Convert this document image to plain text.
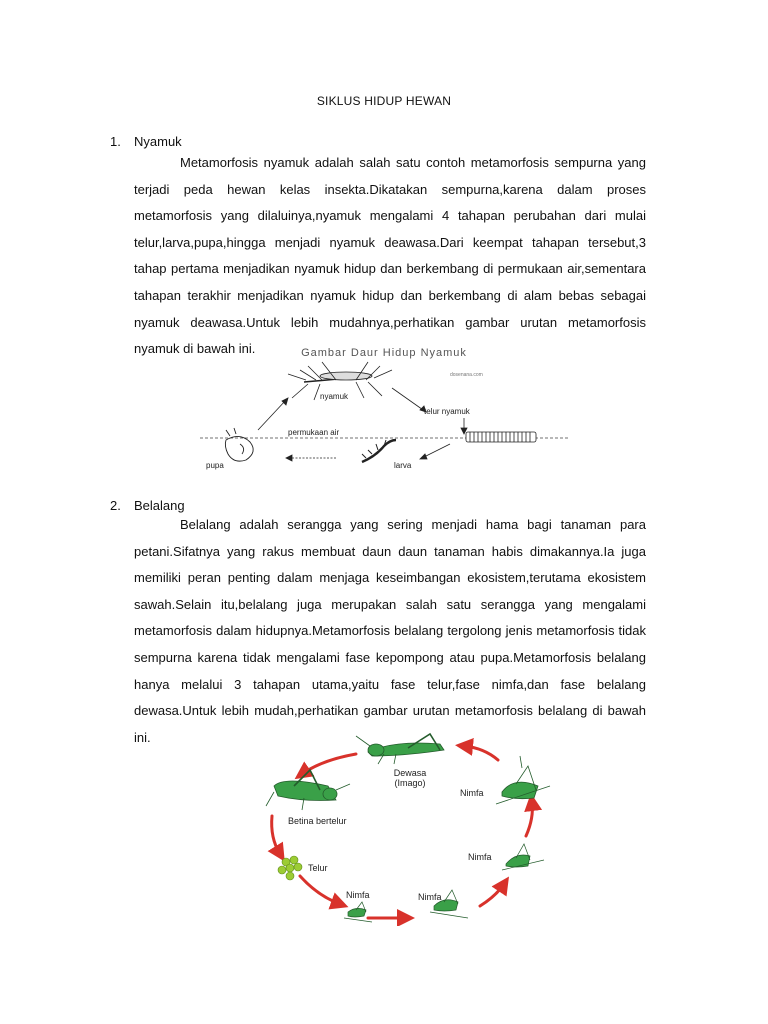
SIKLUS HIDUP HEWAN
1. Nyamuk

Metamorfosis nyamuk adalah salah satu contoh metamorfosis sempurna yang terjadi peda hewan kelas insekta.Dikatakan sempurna,karena dalam proses metamorfosis yang dilaluinya,nyamuk mengalami 4 tahapan perubahan dari mulai telur,larva,pupa,hingga menjadi nyamuk deawasa.Dari keempat tahapan tersebut,3 tahap pertama menjadikan nyamuk hidup dan berkembang di permukaan air,sementara tahapan terakhir menjadikan nyamuk hidup dan berkembang di alam bebas sebagai nyamuk deawasa.Untuk lebih mudahnya,perhatikan gambar urutan metamorfosis nyamuk di bawah ini.	Gambar Daur Hidup Nyamuk
dosenana.com
nyamuk
telur nyamuk
permukaan air
larva
pupa
2. Belalang

Belalang adalah serangga yang sering menjadi hama bagi tanaman para petani.Sifatnya yang rakus membuat daun daun tanaman habis dimakannya.Ia juga memiliki peran penting dalam menjaga keseimbangan ekosistem,terutama ekosistem sawah.Selain itu,belalang juga merupakan salah satu serangga yang mengalami metamorfosis dalam hidupnya.Metamorfosis belalang tergolong jenis metamorfosis tidak sempurna karena tidak mengalami fase kepompong atau pupa.Metamorfosis belalang hanya melalui 3 tahapan utama,yaitu fase telur,fase nimfa,dan fase belalang dewasa.Untuk lebih mudah,perhatikan gambar urutan metamorfosis belalang di bawah ini.

Dewasa
(Imago)
Betina bertelur
Telur
Nimfa	Nimfa
Nimfa
Nimfa
